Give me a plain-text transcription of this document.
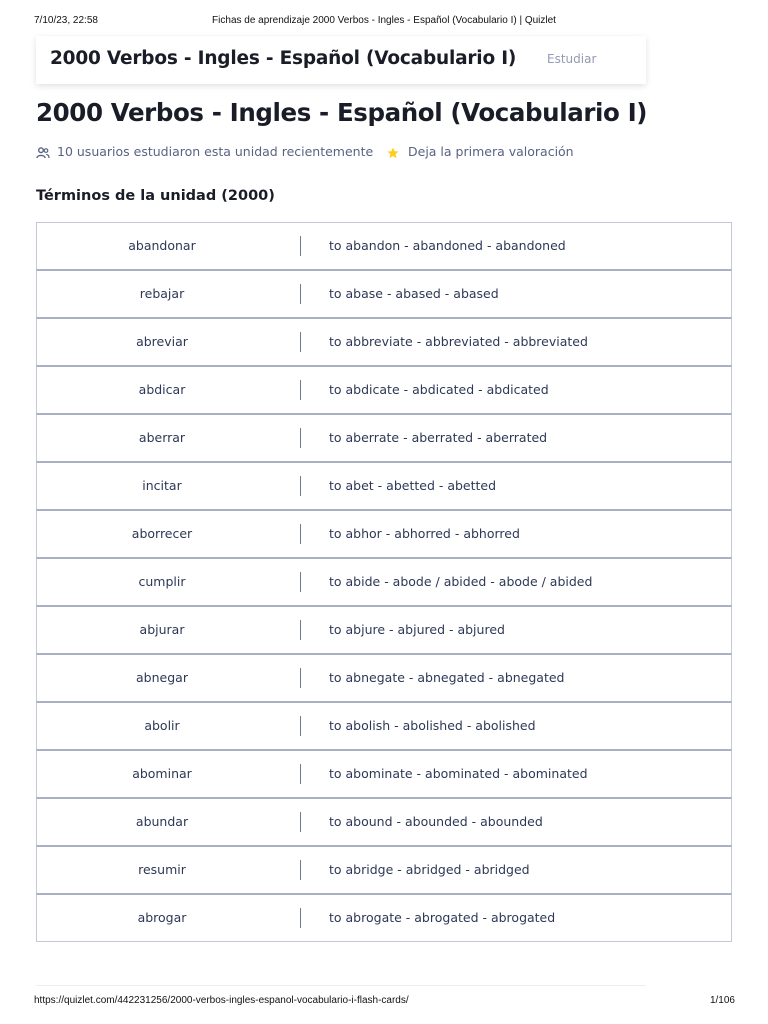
7/10/23, 22:58	Fichas de aprendizaje 2000 Verbos - Ingles - Español (Vocabulario I) | Quizlet
2000 Verbos - Ingles - Español (Vocabulario I)	Estudiar
2000 Verbos - Ingles - Español (Vocabulario I)
10 usuarios estudiaron esta unidad recientemente	Deja la primera valoración
Términos de la unidad (2000)
abandonar	to abandon - abandoned - abandoned
rebajar	to abase - abased - abased
abreviar	to abbreviate - abbreviated - abbreviated
abdicar	to abdicate - abdicated - abdicated
aberrar	to aberrate - aberrated - aberrated
incitar	to abet - abetted - abetted
aborrecer	to abhor - abhorred - abhorred
cumplir	to abide - abode / abided - abode / abided
abjurar	to abjure - abjured - abjured
abnegar	to abnegate - abnegated - abnegated
abolir	to abolish - abolished - abolished
abominar	to abominate - abominated - abominated
abundar	to abound - abounded - abounded
resumir	to abridge - abridged - abridged
abrogar	to abrogate - abrogated - abrogated
https://quizlet.com/442231256/2000-verbos-ingles-espanol-vocabulario-i-flash-cards/	1/106
